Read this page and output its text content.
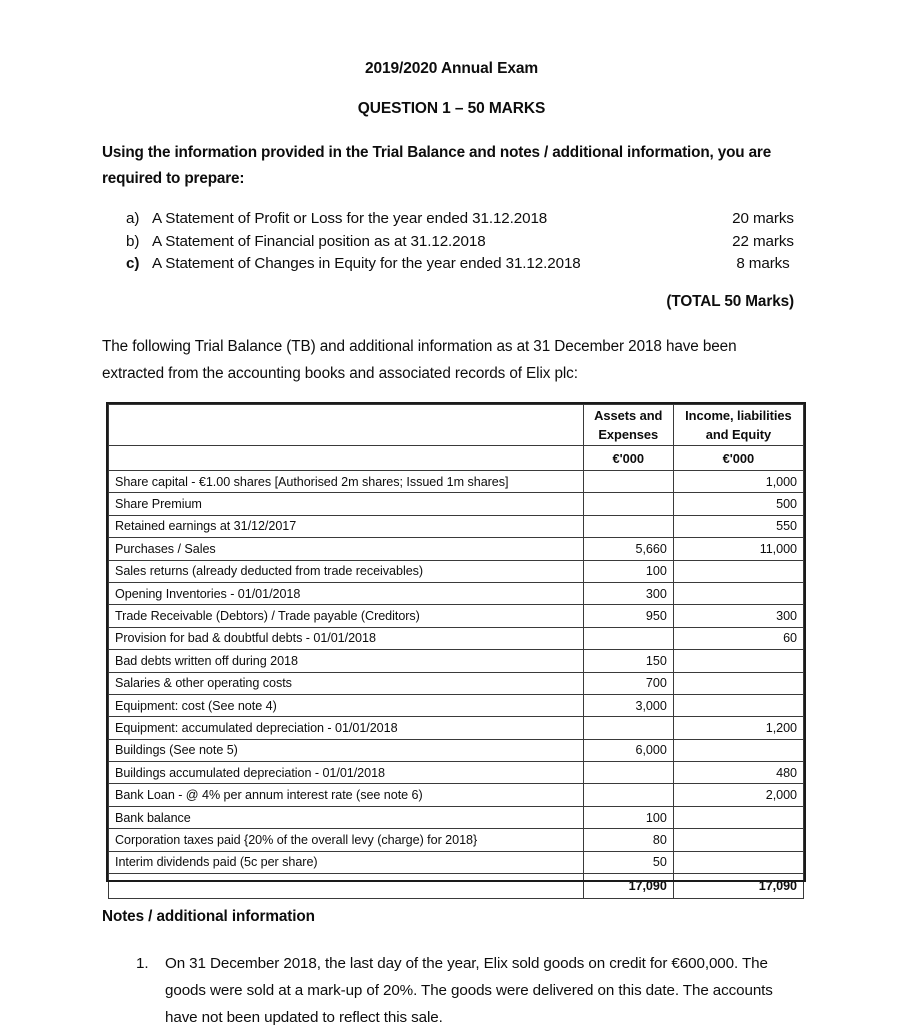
2019/2020 Annual Exam
QUESTION 1 – 50 MARKS
Using the information provided in the Trial Balance and notes / additional information, you are required to prepare:
a) A Statement of Profit or Loss for the year ended 31.12.2018	20 marks
b) A Statement of Financial position as at 31.12.2018	22 marks
c) A Statement of Changes in Equity for the year ended 31.12.2018	8 marks
(TOTAL 50 Marks)
The following Trial Balance (TB) and additional information as at 31 December 2018 have been extracted from the accounting books and associated records of Elix plc:
	Assets and
Expenses	Income, liabilities
and Equity
	€'000	€'000
Share capital - €1.00 shares [Authorised 2m shares; Issued 1m shares]		1,000
Share Premium		500
Retained earnings at 31/12/2017		550
Purchases / Sales	5,660	11,000
Sales returns (already deducted from trade receivables)	100	
Opening Inventories - 01/01/2018	300	
Trade Receivable (Debtors) / Trade payable (Creditors)	950	300
Provision for bad & doubtful debts - 01/01/2018		60
Bad debts written off during 2018	150	
Salaries & other operating costs	700	
Equipment: cost (See note 4)	3,000	
Equipment: accumulated depreciation - 01/01/2018		1,200
Buildings (See note 5)	6,000	
Buildings accumulated depreciation - 01/01/2018		480
Bank Loan - @ 4% per annum interest rate (see note 6)		2,000
Bank balance	100	
Corporation taxes paid {20% of the overall levy (charge) for 2018}	80	
Interim dividends paid (5c per share)	50	
	17,090	17,090
Notes / additional information
1.	On 31 December 2018, the last day of the year, Elix sold goods on credit for €600,000. The goods were sold at a mark-up of 20%. The goods were delivered on this date. The accounts have not been updated to reflect this sale.
